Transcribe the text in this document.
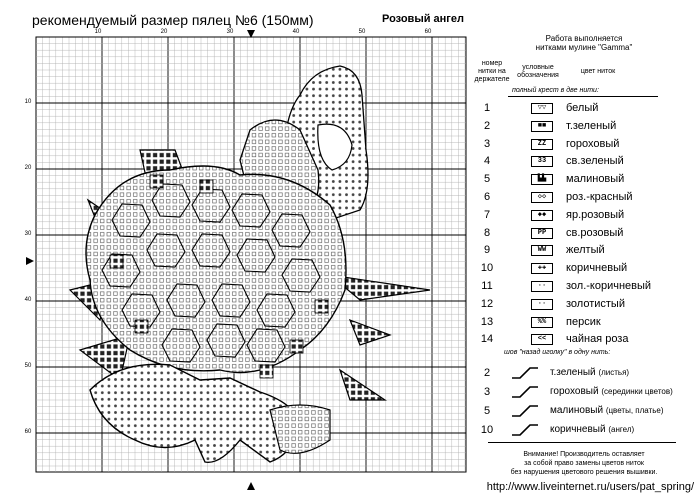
рекомендуемый размер пялец №6 (150мм)	Розовый ангел
10	20	30	40	50	60
10
20
30
40
50
60
Работа выполняется
нитками мулине "Gamma"
номер
нитки на
держателе
условные
обозначения
цвет ниток
полный крест в две нити:
1	▽▽	белый
2	■■	т.зеленый
3	ZZ	гороховый
4	33	св.зеленый
5	▙▙	малиновый
6	◇◇	роз.-красный
7	◆◆	яр.розовый
8	PP	св.розовый
9	WW	желтый
10	✚✚	коричневый
11	··	зол.-коричневый
12	··	золотистый
13	%%	персик
14	<<	чайная роза
шов "назад иголку" в одну нить:
2	т.зеленый (листья)
3	гороховый (серединки цветов)
5	малиновый (цветы, платье)
10	коричневый (ангел)
Внимание! Производитель оставляет
за собой право замены цветов ниток
без нарушения цветового решения вышивки.
http://www.liveinternet.ru/users/pat_spring/
